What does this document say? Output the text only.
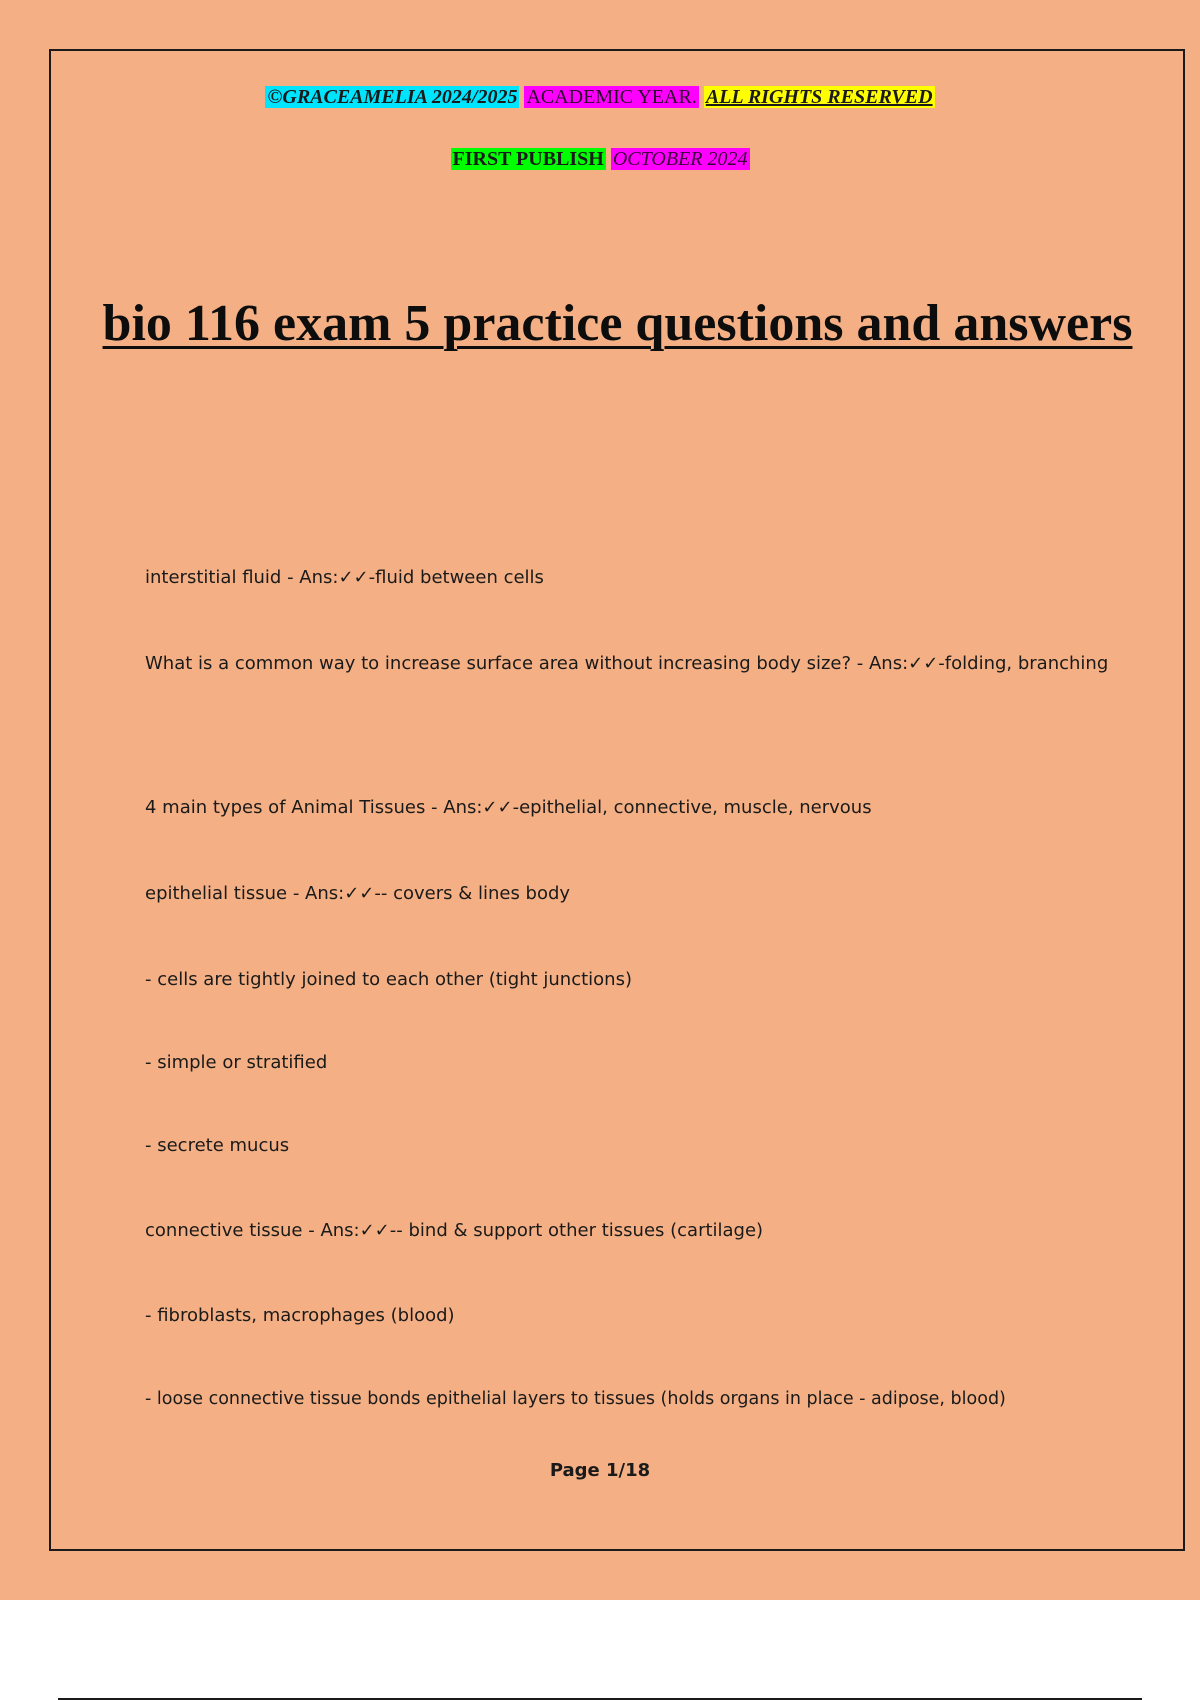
©GRACEAMELIA 2024/2025 ACADEMIC YEAR. ALL RIGHTS RESERVED
FIRST PUBLISH OCTOBER 2024
bio 116 exam 5 practice questions and answers

interstitial fluid - Ans:✓✓-fluid between cells

What is a common way to increase surface area without increasing body size? - Ans:✓✓-folding, branching

4 main types of Animal Tissues - Ans:✓✓-epithelial, connective, muscle, nervous

epithelial tissue - Ans:✓✓-- covers & lines body

- cells are tightly joined to each other (tight junctions)

- simple or stratified

- secrete mucus

connective tissue - Ans:✓✓-- bind & support other tissues (cartilage)

- fibroblasts, macrophages (blood)

- loose connective tissue bonds epithelial layers to tissues (holds organs in place - adipose, blood)

Page 1/18
